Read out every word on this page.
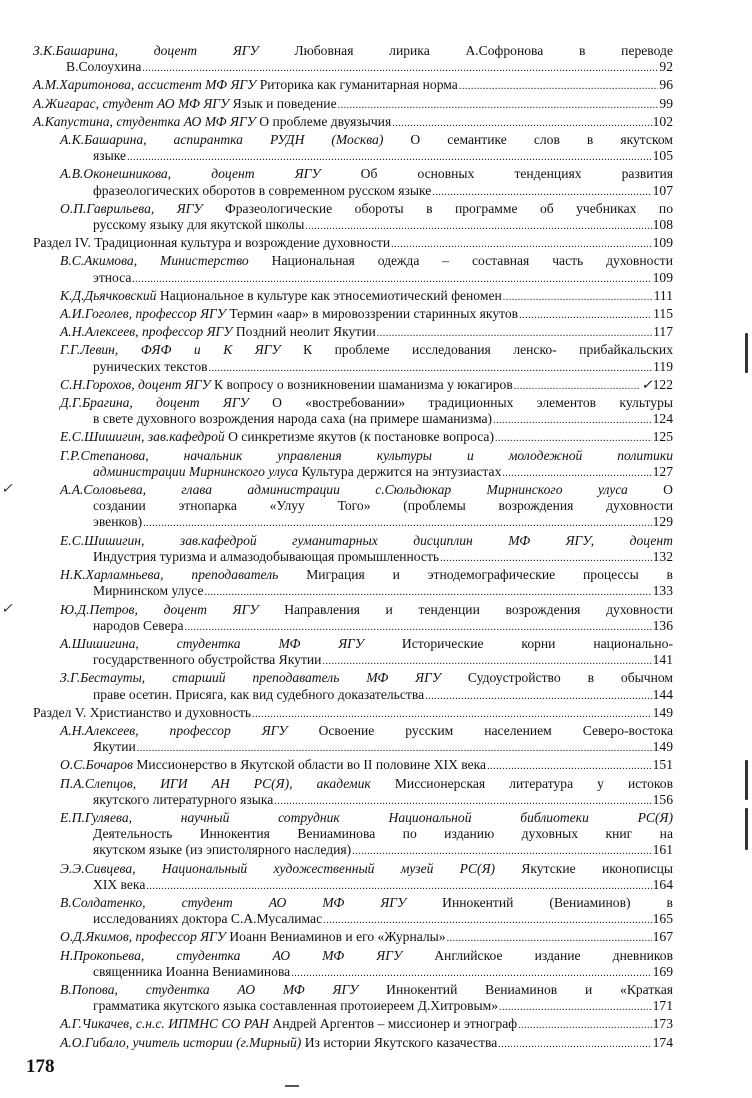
З.К.Башарина, доцент ЯГУ	Любовная лирика А.Софронова в переводе
В.Солоухина .....	92
А.М.Харитонова, ассистент МФ ЯГУ Риторика как гуманитарная норма .....	96
А.Жигарас, студент АО МФ ЯГУ Язык и поведение .....	99
А.Капустина, студентка АО МФ ЯГУ О проблеме двуязычия .....	102
А.К.Башарина, аспирантка РУДН (Москва) О семантике слов в якутском
языке .....	105
А.В.Оконешникова, доцент ЯГУ	Об основных тенденциях развития
фразеологических оборотов в современном русском языке .....	107
О.П.Гаврильева, ЯГУ Фразеологические обороты в программе об учебниках по
русскому языку для якутской школы .....	108
Раздел IV. Традиционная культура и возрождение духовности .....	109
В.С.Акимова, Министерство Национальная одежда – составная часть духовности
этноса .....	109
К.Д.Дьячковский Национальное в культуре как этносемиотический феномен .....	111
А.И.Гоголев, профессор ЯГУ Термин «аар» в мировоззрении старинных якутов .....	115
А.Н.Алексеев, профессор ЯГУ Поздний неолит Якутии .....	117
Г.Г.Левин, ФЯФ и К ЯГУ К проблеме исследования ленско- прибайкальских
рунических текстов .....	119
С.Н.Горохов, доцент ЯГУ К вопросу о возникновении шаманизма у юкагиров .....	✓ 122
Д.Г.Брагина, доцент ЯГУ О «востребовании» традиционных элементов культуры
в свете духовного возрождения народа саха (на примере шаманизма) .....	124
Е.С.Шишигин, зав.кафедрой О синкретизме якутов (к постановке вопроса) .....	125
Г.Р.Степанова, начальник управления культуры и молодежной политики
администрации Мирнинского улуса Культура держится на энтузиастах .....	127
✓	А.А.Соловьева, глава администрации с.Сюльдюкар Мирнинского улуса	О
создании этнопарка «Улуу Того» (проблемы возрождения духовности
эвенков) .....	129
Е.С.Шишигин, зав.кафедрой гуманитарных дисциплин МФ ЯГУ, доцент
Индустрия туризма и алмазодобывающая промышленность .....	132
Н.К.Харламньева, преподаватель Миграция и этнодемографические процессы в
Мирнинском улусе .....	133
✓	Ю.Д.Петров, доцент ЯГУ Направления и тенденции возрождения духовности
народов Севера .....	136
А.Шишигина, студентка МФ ЯГУ	Исторические корни национально-
государственного обустройства Якутии .....	141
З.Г.Бестауты, старший преподаватель МФ ЯГУ Судоустройство в обычном
праве осетин. Присяга, как вид судебного доказательства .....	144
Раздел V. Христианство и духовность .....	149
А.Н.Алексеев, профессор ЯГУ Освоение русским населением Северо-востока
Якутии .....	149
О.С.Бочаров Миссионерство в Якутской области во II половине XIX века .....	151
П.А.Слепцов, ИГИ АН РС(Я), академик Миссионерская литература у истоков
якутского литературного языка .....	156
Е.П.Гуляева, научный сотрудник Национальной библиотеки РС(Я)
Деятельность Иннокентия Вениаминова по изданию духовных книг на
якутском языке (из эпистолярного наследия) .....	161
Э.Э.Сивцева, Национальный художественный музей РС(Я) Якутские иконописцы
XIX века .....	164
В.Солдатенко, студент АО МФ ЯГУ	Иннокентий (Вениаминов) в
исследованиях доктора С.А.Мусалимас .....	165
О.Д.Якимов, профессор ЯГУ Иоанн Вениаминов и его «Журналы» .....	167
Н.Прокопьева, студентка АО МФ ЯГУ Английское издание дневников
священника Иоанна Вениаминова .....	169
В.Попова, студентка АО МФ ЯГУ Иннокентий Вениаминов и «Краткая
грамматика якутского языка составленная протоиереем Д.Хитровым» .....	171
А.Г.Чикачев, с.н.с. ИПМНС СО РАН Андрей Аргентов – миссионер и этнограф .....	173
А.О.Гибало, учитель истории (г.Мирный) Из истории Якутского казачества .....	174
178
